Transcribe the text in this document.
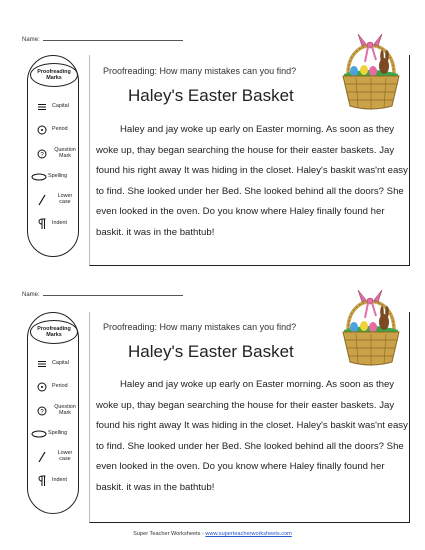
Name:
Proofreading Marks
Capital
Period
?
Question Mark
Spelling
Lower case
Indent
Proofreading: How many mistakes can you find?
Haley's Easter Basket

Haley and jay woke up early on Easter morning. As soon as they woke up, thay began searching the house for their easter baskets. Jay found his right away It was hiding in the closet. Haley's baskit was'nt easy to find. She looked under her Bed. She looked behind all the doors? She even looked in the oven. Do you know where Haley finally found her baskit. it was in the bathtub!

Name:
Proofreading Marks
Capital
Period
?
Question Mark
Spelling
Lower case
Indent
Proofreading: How many mistakes can you find?
Haley's Easter Basket

Haley and jay woke up early on Easter morning. As soon as they woke up, thay began searching the house for their easter baskets. Jay found his right away It was hiding in the closet. Haley's baskit was'nt easy to find. She looked under her Bed. She looked behind all the doors? She even looked in the oven. Do you know where Haley finally found her baskit. it was in the bathtub!

Super Teacher Worksheets - www.superteacherworksheets.com
